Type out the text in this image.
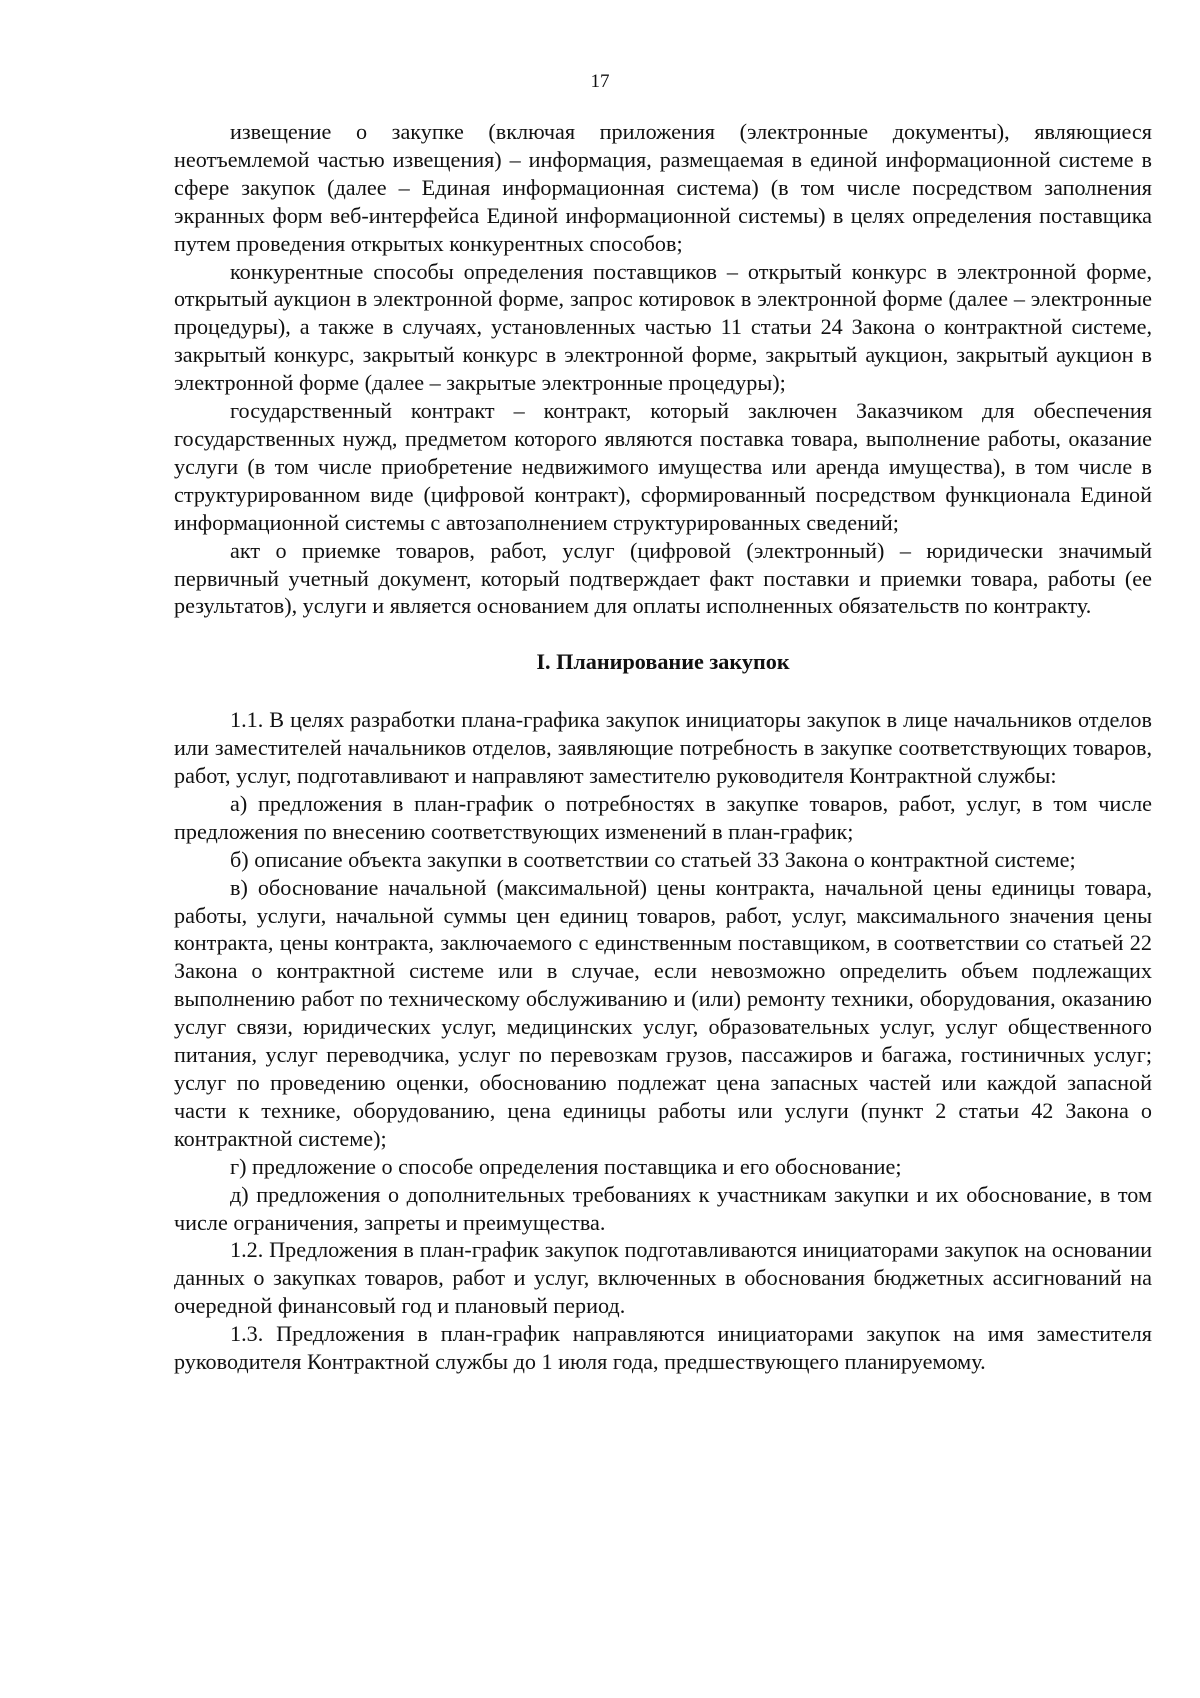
17

извещение о закупке (включая приложения (электронные документы), являющиеся неотъемлемой частью извещения) – информация, размещаемая в единой информационной системе в сфере закупок (далее – Единая информационная система) (в том числе посредством заполнения экранных форм веб-интерфейса Единой информационной системы) в целях определения поставщика путем проведения открытых конкурентных способов;

конкурентные способы определения поставщиков – открытый конкурс в электронной форме, открытый аукцион в электронной форме, запрос котировок в электронной форме (далее – электронные процедуры), а также в случаях, установленных частью 11 статьи 24 Закона о контрактной системе, закрытый конкурс, закрытый конкурс в электронной форме, закрытый аукцион, закрытый аукцион в электронной форме (далее – закрытые электронные процедуры);

государственный контракт – контракт, который заключен Заказчиком для обеспечения государственных нужд, предметом которого являются поставка товара, выполнение работы, оказание услуги (в том числе приобретение недвижимого имущества или аренда имущества), в том числе в структурированном виде (цифровой контракт), сформированный посредством функционала Единой информационной системы с автозаполнением структурированных сведений;

акт о приемке товаров, работ, услуг (цифровой (электронный) – юридически значимый первичный учетный документ, который подтверждает факт поставки и приемки товара, работы (ее результатов), услуги и является основанием для оплаты исполненных обязательств по контракту.

I. Планирование закупок

1.1. В целях разработки плана-графика закупок инициаторы закупок в лице начальников отделов или заместителей начальников отделов, заявляющие потребность в закупке соответствующих товаров, работ, услуг, подготавливают и направляют заместителю руководителя Контрактной службы:

а) предложения в план-график о потребностях в закупке товаров, работ, услуг, в том числе предложения по внесению соответствующих изменений в план-график;

б) описание объекта закупки в соответствии со статьей 33 Закона о контрактной системе;

в) обоснование начальной (максимальной) цены контракта, начальной цены единицы товара, работы, услуги, начальной суммы цен единиц товаров, работ, услуг, максимального значения цены контракта, цены контракта, заключаемого с единственным поставщиком, в соответствии со статьей 22 Закона о контрактной системе или в случае, если невозможно определить объем подлежащих выполнению работ по техническому обслуживанию и (или) ремонту техники, оборудования, оказанию услуг связи, юридических услуг, медицинских услуг, образовательных услуг, услуг общественного питания, услуг переводчика, услуг по перевозкам грузов, пассажиров и багажа, гостиничных услуг; услуг по проведению оценки, обоснованию подлежат цена запасных частей или каждой запасной части к технике, оборудованию, цена единицы работы или услуги (пункт 2 статьи 42 Закона о контрактной системе);

г) предложение о способе определения поставщика и его обоснование;

д) предложения о дополнительных требованиях к участникам закупки и их обоснование, в том числе ограничения, запреты и преимущества.

1.2. Предложения в план-график закупок подготавливаются инициаторами закупок на основании данных о закупках товаров, работ и услуг, включенных в обоснования бюджетных ассигнований на очередной финансовый год и плановый период.

1.3. Предложения в план-график направляются инициаторами закупок на имя заместителя руководителя Контрактной службы до 1 июля года, предшествующего планируемому.
